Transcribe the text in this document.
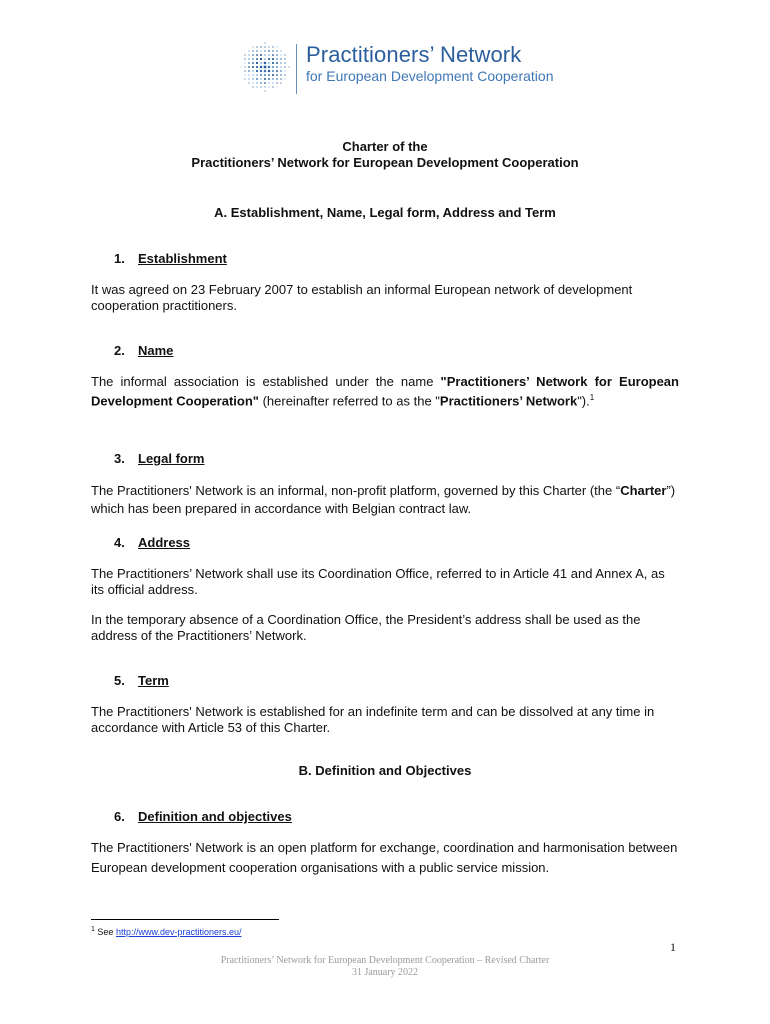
Practitioners’ Network
for European Development Cooperation
Charter of the
Practitioners’ Network for European Development Cooperation
A. Establishment, Name, Legal form, Address and Term
1. Establishment
It was agreed on 23 February 2007 to establish an informal European network of development cooperation practitioners.
2. Name
The informal association is established under the name "Practitioners’ Network for European Development Cooperation" (hereinafter referred to as the "Practitioners’ Network").$^1$
3. Legal form
The Practitioners' Network is an informal, non-profit platform, governed by this Charter (the “Charter”) which has been prepared in accordance with Belgian contract law.
4. Address
The Practitioners’ Network shall use its Coordination Office, referred to in Article 41 and Annex A, as its official address.
In the temporary absence of a Coordination Office, the President’s address shall be used as the address of the Practitioners’ Network.
5. Term
The Practitioners' Network is established for an indefinite term and can be dissolved at any time in accordance with Article 53 of this Charter.
B. Definition and Objectives
6. Definition and objectives
The Practitioners' Network is an open platform for exchange, coordination and harmonisation between European development cooperation organisations with a public service mission.
$^1$ See http://www.dev-practitioners.eu/
1
Practitioners’ Network for European Development Cooperation – Revised Charter
31 January 2022
